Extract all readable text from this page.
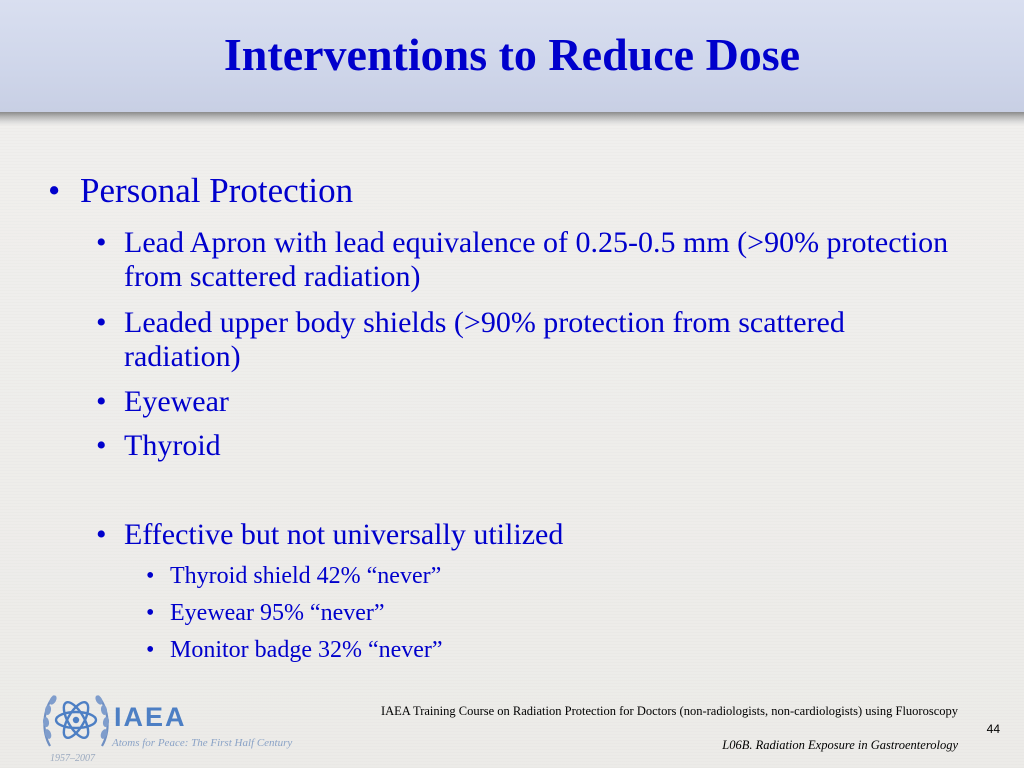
Interventions to Reduce Dose
• Personal Protection
• Lead Apron with lead equivalence of 0.25-0.5 mm (>90% protection from scattered radiation)
• Leaded upper body shields (>90% protection from scattered radiation)
• Eyewear
• Thyroid
• Effective but not universally utilized
• Thyroid shield 42% “never”
• Eyewear 95% “never”
• Monitor badge 32% “never”
IAEA
Atoms for Peace: The First Half Century
1957–2007
IAEA Training Course on Radiation Protection for Doctors (non-radiologists, non-cardiologists) using Fluoroscopy
44
L06B. Radiation Exposure in Gastroenterology
